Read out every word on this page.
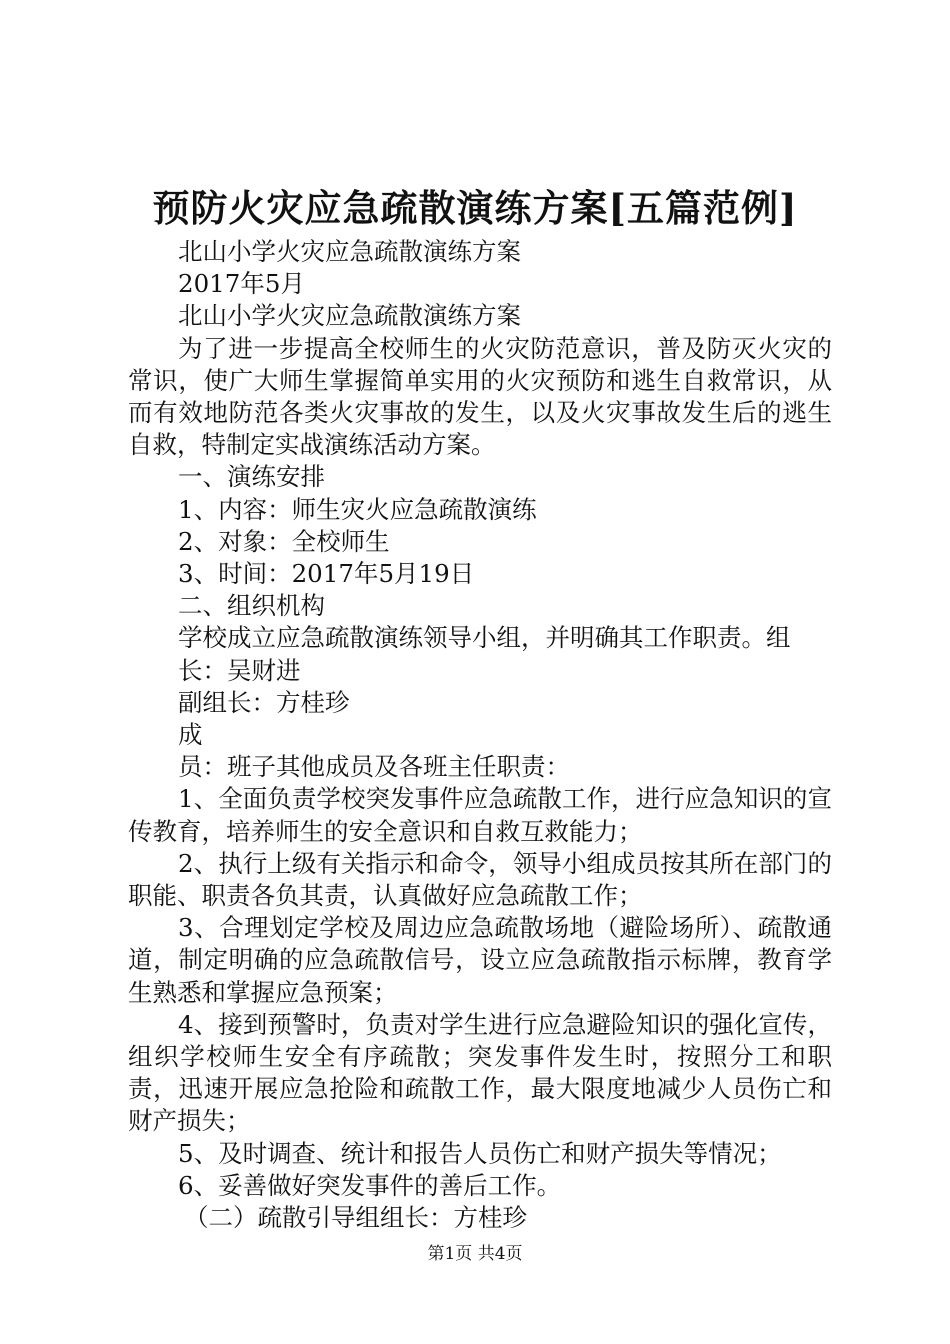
预防火灾应急疏散演练方案[五篇范例]
北山小学火灾应急疏散演练方案
2017年5月
北山小学火灾应急疏散演练方案
为了进一步提高全校师生的火灾防范意识，普及防灭火灾的常识，使广大师生掌握简单实用的火灾预防和逃生自救常识，从而有效地防范各类火灾事故的发生，以及火灾事故发生后的逃生自救，特制定实战演练活动方案。
一、演练安排
1、内容：师生灾火应急疏散演练
2、对象：全校师生
3、时间：2017年5月19日
二、组织机构
学校成立应急疏散演练领导小组，并明确其工作职责。组
长：吴财进
副组长：方桂珍
成
员：班子其他成员及各班主任职责：
1、全面负责学校突发事件应急疏散工作，进行应急知识的宣传教育，培养师生的安全意识和自救互救能力；
2、执行上级有关指示和命令，领导小组成员按其所在部门的职能、职责各负其责，认真做好应急疏散工作；
3、合理划定学校及周边应急疏散场地（避险场所）、疏散通道，制定明确的应急疏散信号，设立应急疏散指示标牌，教育学生熟悉和掌握应急预案；
4、接到预警时，负责对学生进行应急避险知识的强化宣传，组织学校师生安全有序疏散；突发事件发生时，按照分工和职责，迅速开展应急抢险和疏散工作，最大限度地减少人员伤亡和财产损失；
5、及时调查、统计和报告人员伤亡和财产损失等情况；
6、妥善做好突发事件的善后工作。
（二）疏散引导组组长：方桂珍
第1页 共4页
